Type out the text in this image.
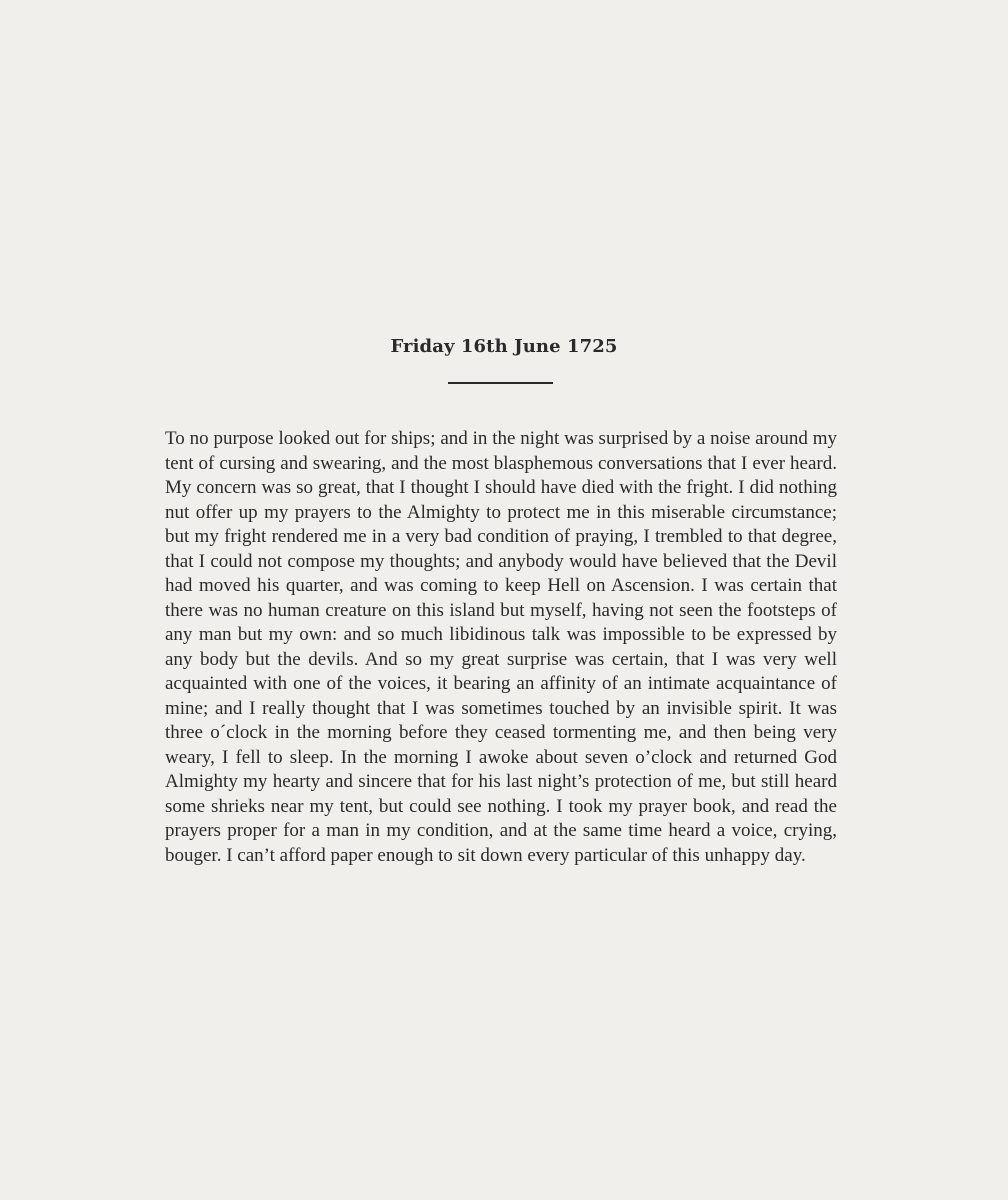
Friday 16th June 1725

To no purpose looked out for ships; and in the night was surprised by a noise around my tent of cursing and swearing, and the most blasphemous conversations that I ever heard. My concern was so great, that I thought I should have died with the fright. I did nothing nut offer up my prayers to the Almighty to protect me in this miserable circumstance; but my fright rendered me in a very bad condition of praying, I trembled to that degree, that I could not compose my thoughts; and anybody would have believed that the Devil had moved his quarter, and was coming to keep Hell on Ascension. I was certain that there was no human creature on this island but myself, having not seen the footsteps of any man but my own: and so much libidinous talk was impossible to be expressed by any body but the devils. And so my great surprise was certain, that I was very well acquainted with one of the voices, it bearing an affinity of an intimate acquaintance of mine; and I really thought that I was sometimes touched by an invisible spirit. It was three o´clock in the morning before they ceased tormenting me, and then being very weary, I fell to sleep. In the morning I awoke about seven o’clock and returned God Almighty my hearty and sincere that for his last night’s protection of me, but still heard some shrieks near my tent, but could see nothing. I took my prayer book, and read the prayers proper for a man in my condition, and at the same time heard a voice, crying, bouger. I can’t afford paper enough to sit down every particular of this unhappy day.
